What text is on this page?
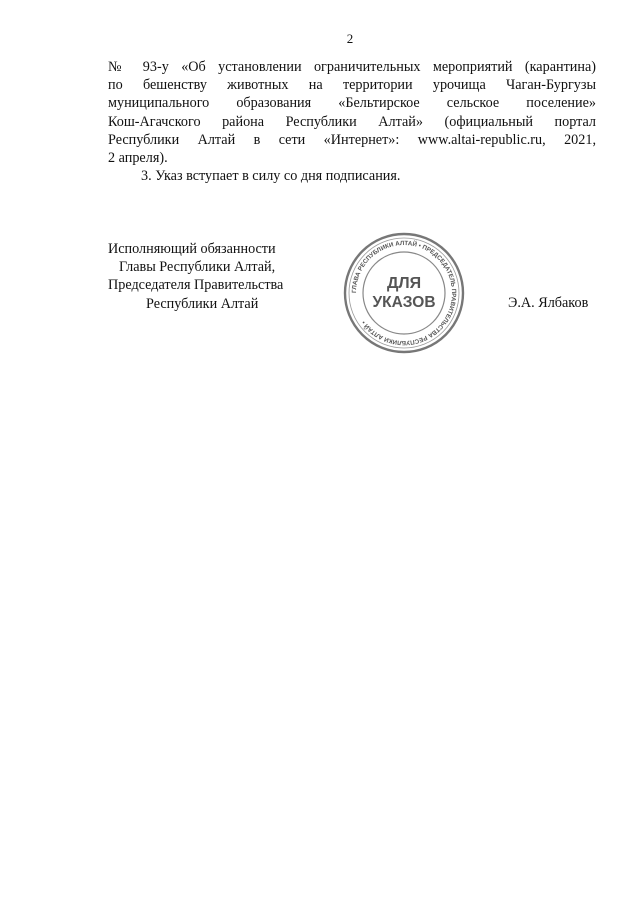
2
№ 93-у «Об установлении ограничительных мероприятий (карантина)
по бешенству животных на территории урочища Чаган-Бургузы
муниципального образования «Бельтирское сельское поселение»
Кош-Агачского района Республики Алтай» (официальный портал
Республики Алтай в сети «Интернет»: www.altai-republic.ru, 2021,
2 апреля).
3. Указ вступает в силу со дня подписания.
Исполняющий обязанности
Главы Республики Алтай,
Председателя Правительства
Республики Алтай	Э.А. Ялбаков
ГЛАВА РЕСПУБЛИКИ АЛТАЙ • ПРЕДСЕДАТЕЛЬ ПРАВИТЕЛЬСТВА РЕСПУБЛИКИ АЛТАЙ •
ДЛЯ
УКАЗОВ
